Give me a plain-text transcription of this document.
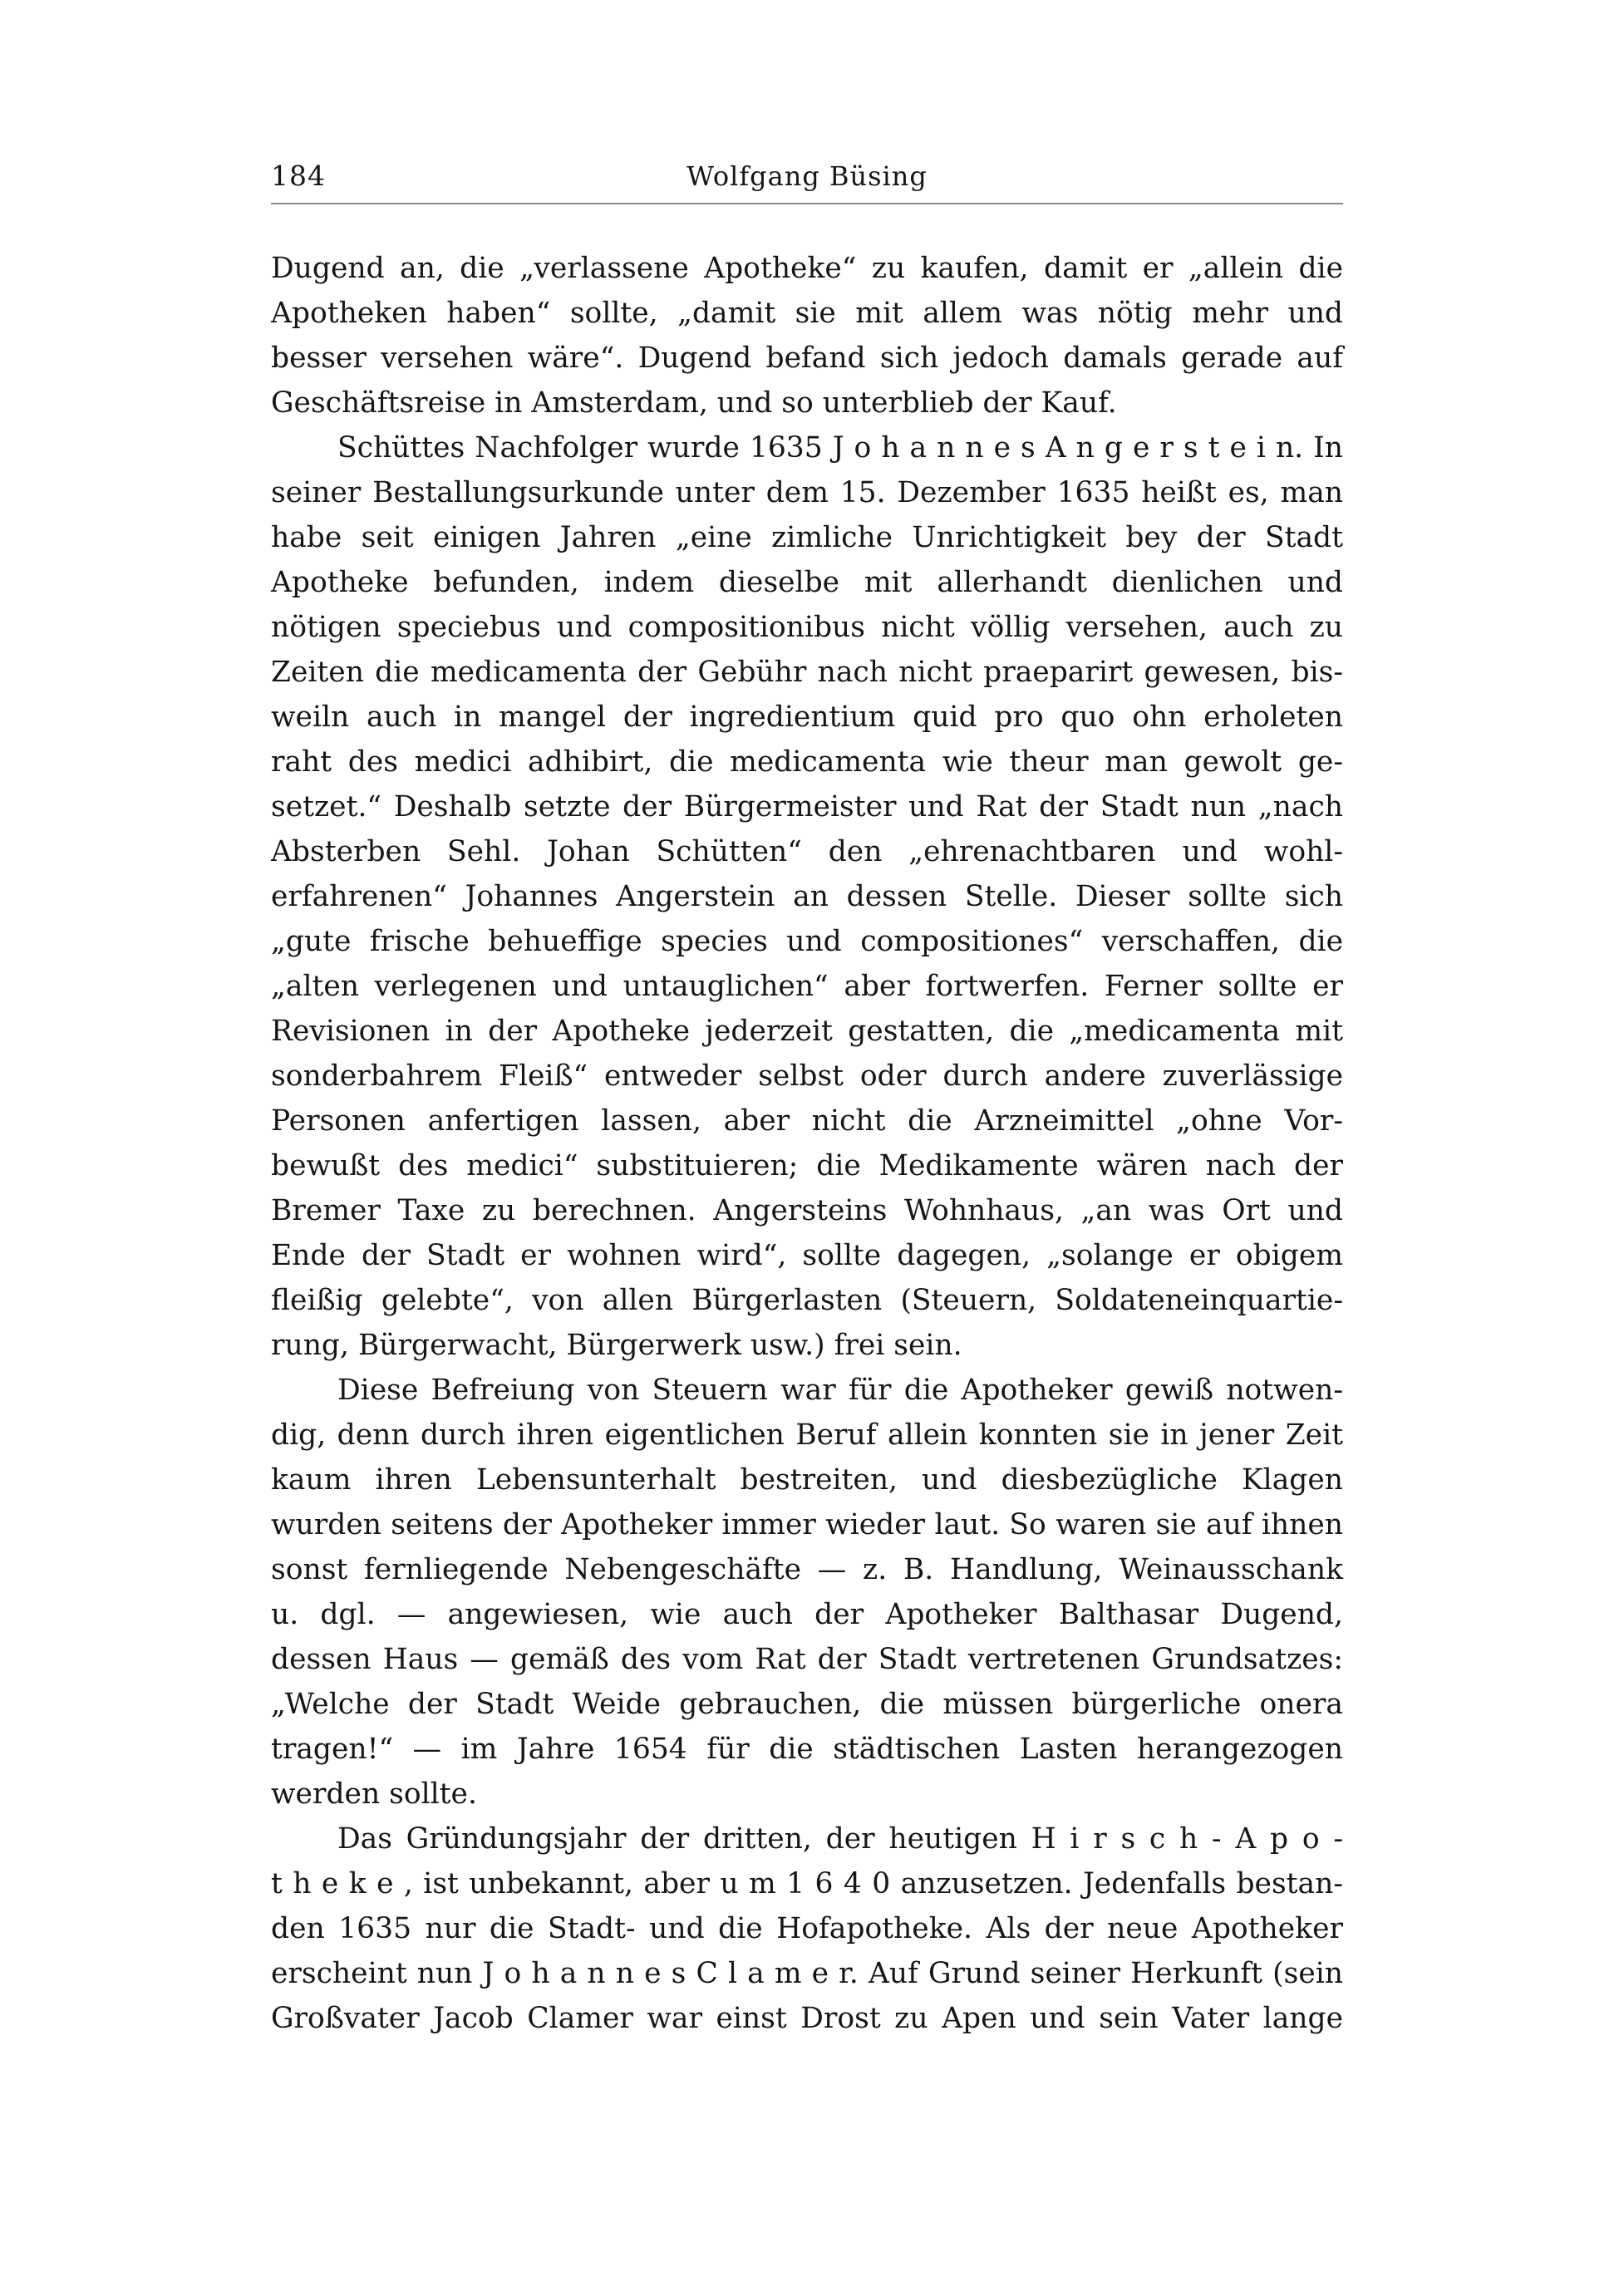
184	Wolfgang Büsing
Dugend an, die „verlassene Apotheke“ zu kaufen, damit er „allein die
Apotheken haben“ sollte, „damit sie mit allem was nötig mehr und
besser versehen wäre“. Dugend befand sich jedoch damals gerade auf
Geschäftsreise in Amsterdam, und so unterblieb der Kauf.
Schüttes Nachfolger wurde 1635 J o h a n n e s A n g e r s t e i n. In
seiner Bestallungsurkunde unter dem 15. Dezember 1635 heißt es, man
habe seit einigen Jahren „eine zimliche Unrichtigkeit bey der Stadt
Apotheke befunden, indem dieselbe mit allerhandt dienlichen und
nötigen speciebus und compositionibus nicht völlig versehen, auch zu
Zeiten die medicamenta der Gebühr nach nicht praeparirt gewesen, bis-
weiln auch in mangel der ingredientium quid pro quo ohn erholeten
raht des medici adhibirt, die medicamenta wie theur man gewolt ge-
setzet.“ Deshalb setzte der Bürgermeister und Rat der Stadt nun „nach
Absterben Sehl. Johan Schütten“ den „ehrenachtbaren und wohl-
erfahrenen“ Johannes Angerstein an dessen Stelle. Dieser sollte sich
„gute frische behueffige species und compositiones“ verschaffen, die
„alten verlegenen und untauglichen“ aber fortwerfen. Ferner sollte er
Revisionen in der Apotheke jederzeit gestatten, die „medicamenta mit
sonderbahrem Fleiß“ entweder selbst oder durch andere zuverlässige
Personen anfertigen lassen, aber nicht die Arzneimittel „ohne Vor-
bewußt des medici“ substituieren; die Medikamente wären nach der
Bremer Taxe zu berechnen. Angersteins Wohnhaus, „an was Ort und
Ende der Stadt er wohnen wird“, sollte dagegen, „solange er obigem
fleißig gelebte“, von allen Bürgerlasten (Steuern, Soldateneinquartie-
rung, Bürgerwacht, Bürgerwerk usw.) frei sein.
Diese Befreiung von Steuern war für die Apotheker gewiß notwen-
dig, denn durch ihren eigentlichen Beruf allein konnten sie in jener Zeit
kaum ihren Lebensunterhalt bestreiten, und diesbezügliche Klagen
wurden seitens der Apotheker immer wieder laut. So waren sie auf ihnen
sonst fernliegende Nebengeschäfte — z. B. Handlung, Weinausschank
u. dgl. — angewiesen, wie auch der Apotheker Balthasar Dugend,
dessen Haus — gemäß des vom Rat der Stadt vertretenen Grundsatzes:
„Welche der Stadt Weide gebrauchen, die müssen bürgerliche onera
tragen!“ — im Jahre 1654 für die städtischen Lasten herangezogen
werden sollte.
Das Gründungsjahr der dritten, der heutigen H i r s c h - A p o -
t h e k e , ist unbekannt, aber u m 1 6 4 0 anzusetzen. Jedenfalls bestan-
den 1635 nur die Stadt- und die Hofapotheke. Als der neue Apotheker
erscheint nun J o h a n n e s C l a m e r. Auf Grund seiner Herkunft (sein
Großvater Jacob Clamer war einst Drost zu Apen und sein Vater lange
